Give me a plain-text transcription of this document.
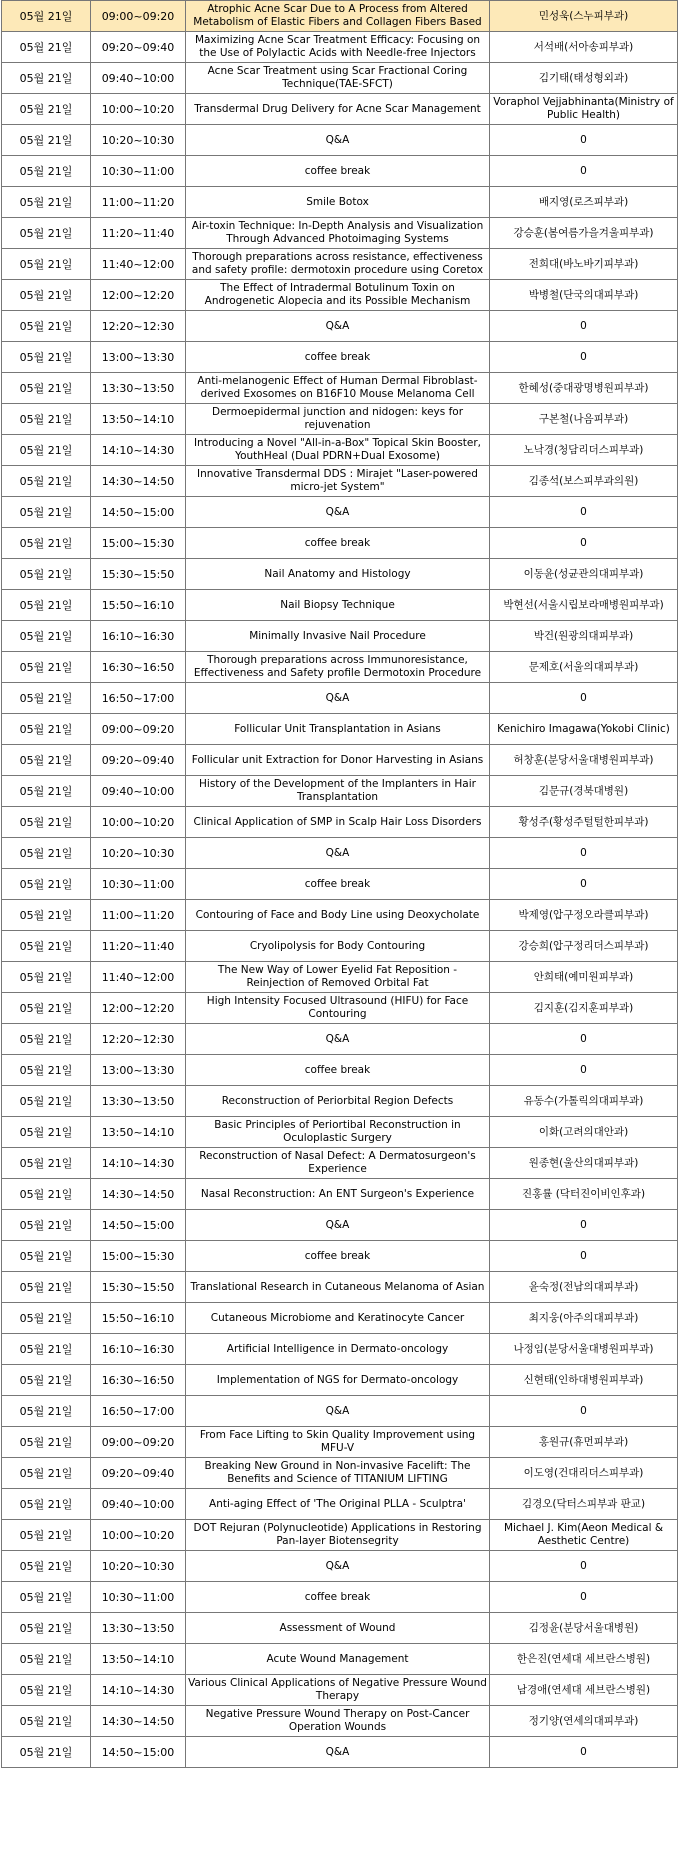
05월 21일	09:00~09:20	Atrophic Acne Scar Due to A Process from Altered Metabolism of Elastic Fibers and Collagen Fibers Based	민성욱(스누피부과)
05월 21일	09:20~09:40	Maximizing Acne Scar Treatment Efficacy: Focusing on the Use of Polylactic Acids with Needle-free Injectors	서석배(서아송피부과)
05월 21일	09:40~10:00	Acne Scar Treatment using Scar Fractional Coring Technique(TAE-SFCT)	김기태(태성형외과)
05월 21일	10:00~10:20	Transdermal Drug Delivery for Acne Scar Management	Voraphol Vejjabhinanta(Ministry of Public Health)
05월 21일	10:20~10:30	Q&A	0
05월 21일	10:30~11:00	coffee break	0
05월 21일	11:00~11:20	Smile Botox	배지영(로즈피부과)
05월 21일	11:20~11:40	Air-toxin Technique: In-Depth Analysis and Visualization Through Advanced Photoimaging Systems	강승훈(봄여름가을겨울피부과)
05월 21일	11:40~12:00	Thorough preparations across resistance, effectiveness and safety profile: dermotoxin procedure using Coretox	전희대(바노바기피부과)
05월 21일	12:00~12:20	The Effect of Intradermal Botulinum Toxin on Androgenetic Alopecia and its Possible Mechanism	박병철(단국의대피부과)
05월 21일	12:20~12:30	Q&A	0
05월 21일	13:00~13:30	coffee break	0
05월 21일	13:30~13:50	Anti-melanogenic Effect of Human Dermal Fibroblast-derived Exosomes on B16F10 Mouse Melanoma Cell	한혜성(중대광명병원피부과)
05월 21일	13:50~14:10	Dermoepidermal junction and nidogen: keys for rejuvenation	구본철(나음피부과)
05월 21일	14:10~14:30	Introducing a Novel "All-in-a-Box" Topical Skin Booster, YouthHeal (Dual PDRN+Dual Exosome)	노낙경(청담리더스피부과)
05월 21일	14:30~14:50	Innovative Transdermal DDS : Mirajet "Laser-powered micro-jet System"	김종석(보스피부과의원)
05월 21일	14:50~15:00	Q&A	0
05월 21일	15:00~15:30	coffee break	0
05월 21일	15:30~15:50	Nail Anatomy and Histology	이동윤(성균관의대피부과)
05월 21일	15:50~16:10	Nail Biopsy Technique	박현선(서울시립보라매병원피부과)
05월 21일	16:10~16:30	Minimally Invasive Nail Procedure	박건(원광의대피부과)
05월 21일	16:30~16:50	Thorough preparations across Immunoresistance, Effectiveness and Safety profile Dermotoxin Procedure	문제호(서울의대피부과)
05월 21일	16:50~17:00	Q&A	0
05월 21일	09:00~09:20	Follicular Unit Transplantation in Asians	Kenichiro Imagawa(Yokobi Clinic)
05월 21일	09:20~09:40	Follicular unit Extraction for Donor Harvesting in Asians	허창훈(분당서울대병원피부과)
05월 21일	09:40~10:00	History of the Development of the Implanters in Hair Transplantation	김문규(경북대병원)
05월 21일	10:00~10:20	Clinical Application of SMP in Scalp Hair Loss Disorders	황성주(황성주털털한피부과)
05월 21일	10:20~10:30	Q&A	0
05월 21일	10:30~11:00	coffee break	0
05월 21일	11:00~11:20	Contouring of Face and Body Line using Deoxycholate	박제영(압구정오라클피부과)
05월 21일	11:20~11:40	Cryolipolysis for Body Contouring	강승희(압구정리더스피부과)
05월 21일	11:40~12:00	The New Way of Lower Eyelid Fat Reposition - Reinjection of Removed Orbital Fat	안희태(예미원피부과)
05월 21일	12:00~12:20	High Intensity Focused Ultrasound (HIFU) for Face Contouring	김지훈(김지훈피부과)
05월 21일	12:20~12:30	Q&A	0
05월 21일	13:00~13:30	coffee break	0
05월 21일	13:30~13:50	Reconstruction of Periorbital Region Defects	유동수(가톨릭의대피부과)
05월 21일	13:50~14:10	Basic Principles of Periortibal Reconstruction in Oculoplastic Surgery	이화(고려의대안과)
05월 21일	14:10~14:30	Reconstruction of Nasal Defect: A Dermatosurgeon's Experience	원종현(울산의대피부과)
05월 21일	14:30~14:50	Nasal Reconstruction: An ENT Surgeon's Experience	진홍률 (닥터진이비인후과)
05월 21일	14:50~15:00	Q&A	0
05월 21일	15:00~15:30	coffee break	0
05월 21일	15:30~15:50	Translational Research in Cutaneous Melanoma of Asian	윤숙정(전남의대피부과)
05월 21일	15:50~16:10	Cutaneous Microbiome and Keratinocyte Cancer	최지웅(아주의대피부과)
05월 21일	16:10~16:30	Artificial Intelligence in Dermato-oncology	나정임(분당서울대병원피부과)
05월 21일	16:30~16:50	Implementation of NGS for Dermato-oncology	신현태(인하대병원피부과)
05월 21일	16:50~17:00	Q&A	0
05월 21일	09:00~09:20	From Face Lifting to Skin Quality Improvement using MFU-V	홍원규(휴먼피부과)
05월 21일	09:20~09:40	Breaking New Ground in Non-invasive Facelift: The Benefits and Science of TITANIUM LIFTING	이도영(건대리더스피부과)
05월 21일	09:40~10:00	Anti-aging Effect of 'The Original PLLA - Sculptra'	김경오(닥터스피부과 판교)
05월 21일	10:00~10:20	DOT Rejuran (Polynucleotide) Applications in Restoring Pan-layer Biotensegrity	Michael J. Kim(Aeon Medical & Aesthetic Centre)
05월 21일	10:20~10:30	Q&A	0
05월 21일	10:30~11:00	coffee break	0
05월 21일	13:30~13:50	Assessment of Wound	김정윤(분당서울대병원)
05월 21일	13:50~14:10	Acute Wound Management	한은진(연세대 세브란스병원)
05월 21일	14:10~14:30	Various Clinical Applications of Negative Pressure Wound Therapy	남경애(연세대 세브란스병원)
05월 21일	14:30~14:50	Negative Pressure Wound Therapy on Post-Cancer Operation Wounds	정기양(연세의대피부과)
05월 21일	14:50~15:00	Q&A	0
